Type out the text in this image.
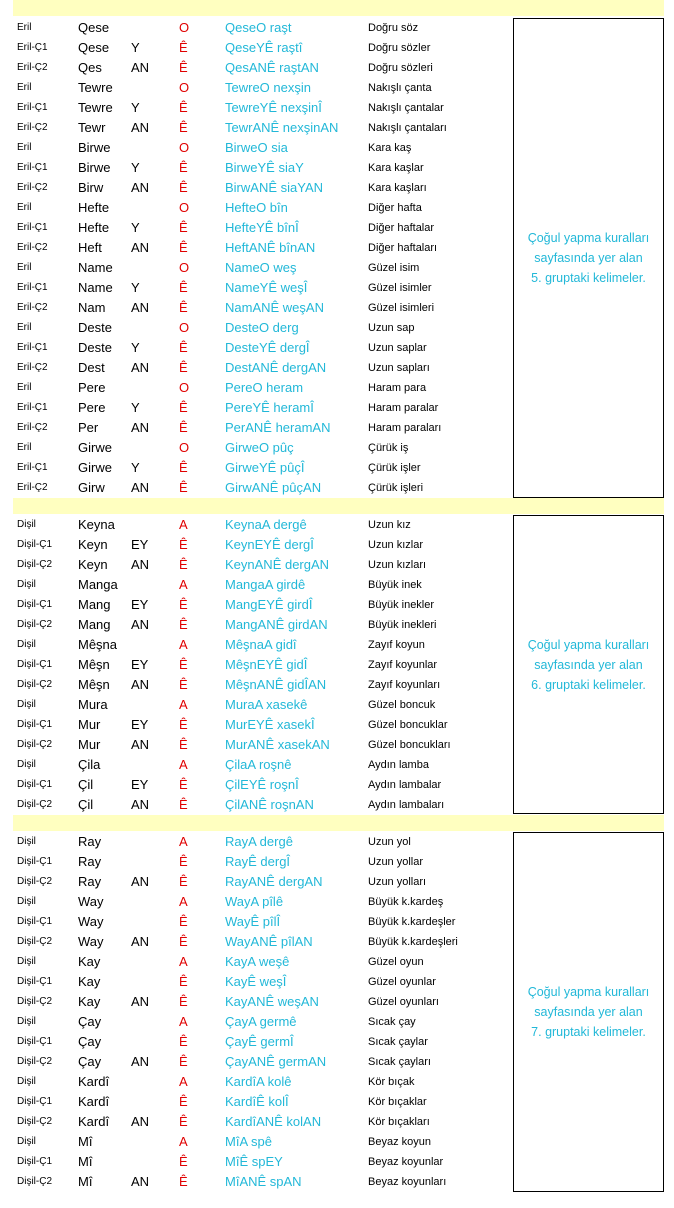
Eril	Qese	O	QeseO raşt	Doğru söz
Eril-Ç1 Qese Y	Ê	QeseYÊ raştî	Doğru sözler
Eril-Ç2 Qes AN Ê	QesANÊ raştAN	Doğru sözleri
Eril	Tewre	O	TewreO nexşin	Nakışlı çanta
Eril-Ç1 Tewre Y	Ê	TewreYÊ nexşinÎ	Nakışlı çantalar
Eril-Ç2 Tewr AN Ê	TewrANÊ nexşinAN	Nakışlı çantaları
Eril	Birwe	O	BirweO sia	Kara kaş
Eril-Ç1 Birwe Y	Ê	BirweYÊ siaY	Kara kaşlar
Eril-Ç2 Birw AN Ê	BirwANÊ siaYAN	Kara kaşları
Eril	Hefte	O	HefteO bîn	Diğer hafta
Eril-Ç1 Hefte Y	Ê	HefteYÊ bînÎ	Diğer haftalar
Eril-Ç2 Heft AN Ê	HeftANÊ bînAN	Diğer haftaları
Eril	Name	O	NameO weş	Güzel isim
Eril-Ç1 Name Y	Ê	NameYÊ weşÎ	Güzel isimler
Eril-Ç2 Nam AN Ê	NamANÊ weşAN	Güzel isimleri
Eril	Deste	O	DesteO derg	Uzun sap
Eril-Ç1 Deste Y	Ê	DesteYÊ dergÎ	Uzun saplar
Eril-Ç2 Dest AN Ê	DestANÊ dergAN	Uzun sapları
Eril	Pere	O	PereO heram	Haram para
Eril-Ç1 Pere Y	Ê	PereYÊ heramÎ	Haram paralar
Eril-Ç2 Per	AN Ê	PerANÊ heramAN	Haram paraları
Eril	Girwe	O	GirweO pûç	Çürük iş
Eril-Ç1 Girwe Y	Ê	GirweYÊ pûçÎ	Çürük işler
Eril-Ç2 Girw AN Ê	GirwANÊ pûçAN	Çürük işleri
Çoğul yapma kuralları
sayfasında yer alan
5. gruptaki kelimeler.
Dişil	Keyna	A	KeynaA dergê	Uzun kız
Dişil-Ç1 Keyn EY Ê	KeynEYÊ dergÎ	Uzun kızlar
Dişil-Ç2 Keyn AN Ê	KeynANÊ dergAN	Uzun kızları
Dişil	Manga	A	MangaA girdê	Büyük inek
Dişil-Ç1 Mang EY Ê	MangEYÊ girdÎ	Büyük inekler
Dişil-Ç2 Mang AN Ê	MangANÊ girdAN	Büyük inekleri
Dişil	Mêşna	A	MêşnaA gidî	Zayıf koyun
Dişil-Ç1 Mêşn EY Ê	MêşnEYÊ gidÎ	Zayıf koyunlar
Dişil-Ç2 Mêşn AN Ê	MêşnANÊ gidÎAN	Zayıf koyunları
Dişil	Mura	A	MuraA xasekê	Güzel boncuk
Dişil-Ç1 Mur EY Ê	MurEYÊ xasekÎ	Güzel boncuklar
Dişil-Ç2 Mur AN Ê	MurANÊ xasekAN	Güzel boncukları
Dişil	Çila	A	ÇilaA roşnê	Aydın lamba
Dişil-Ç1 Çil	EY Ê	ÇilEYÊ roşnÎ	Aydın lambalar
Dişil-Ç2 Çil	AN Ê	ÇilANÊ roşnAN	Aydın lambaları
Çoğul yapma kuralları
sayfasında yer alan
6. gruptaki kelimeler.
Dişil	Ray	A	RayA dergê	Uzun yol
Dişil-Ç1 Ray	Ê	RayÊ dergÎ	Uzun yollar
Dişil-Ç2 Ray AN Ê	RayANÊ dergAN	Uzun yolları
Dişil	Way	A	WayA pîlê	Büyük k.kardeş
Dişil-Ç1 Way	Ê	WayÊ pîlÎ	Büyük k.kardeşler
Dişil-Ç2 Way AN Ê	WayANÊ pîlAN	Büyük k.kardeşleri
Dişil	Kay	A	KayA weşê	Güzel oyun
Dişil-Ç1 Kay	Ê	KayÊ weşÎ	Güzel oyunlar
Dişil-Ç2 Kay AN Ê	KayANÊ weşAN	Güzel oyunları
Dişil	Çay	A	ÇayA germê	Sıcak çay
Dişil-Ç1 Çay	Ê	ÇayÊ germÎ	Sıcak çaylar
Dişil-Ç2 Çay AN Ê	ÇayANÊ germAN	Sıcak çayları
Dişil	Kardî	A	KardîA kolê	Kör bıçak
Dişil-Ç1 Kardî	Ê	KardîÊ kolÎ	Kör bıçaklar
Dişil-Ç2 Kardî AN Ê	KardîANÊ kolAN	Kör bıçakları
Dişil	Mî	A	MîA spê	Beyaz koyun
Dişil-Ç1 Mî	Ê	MîÊ spEY	Beyaz koyunlar
Dişil-Ç2 Mî	AN Ê	MîANÊ spAN	Beyaz koyunları
Çoğul yapma kuralları
sayfasında yer alan
7. gruptaki kelimeler.
